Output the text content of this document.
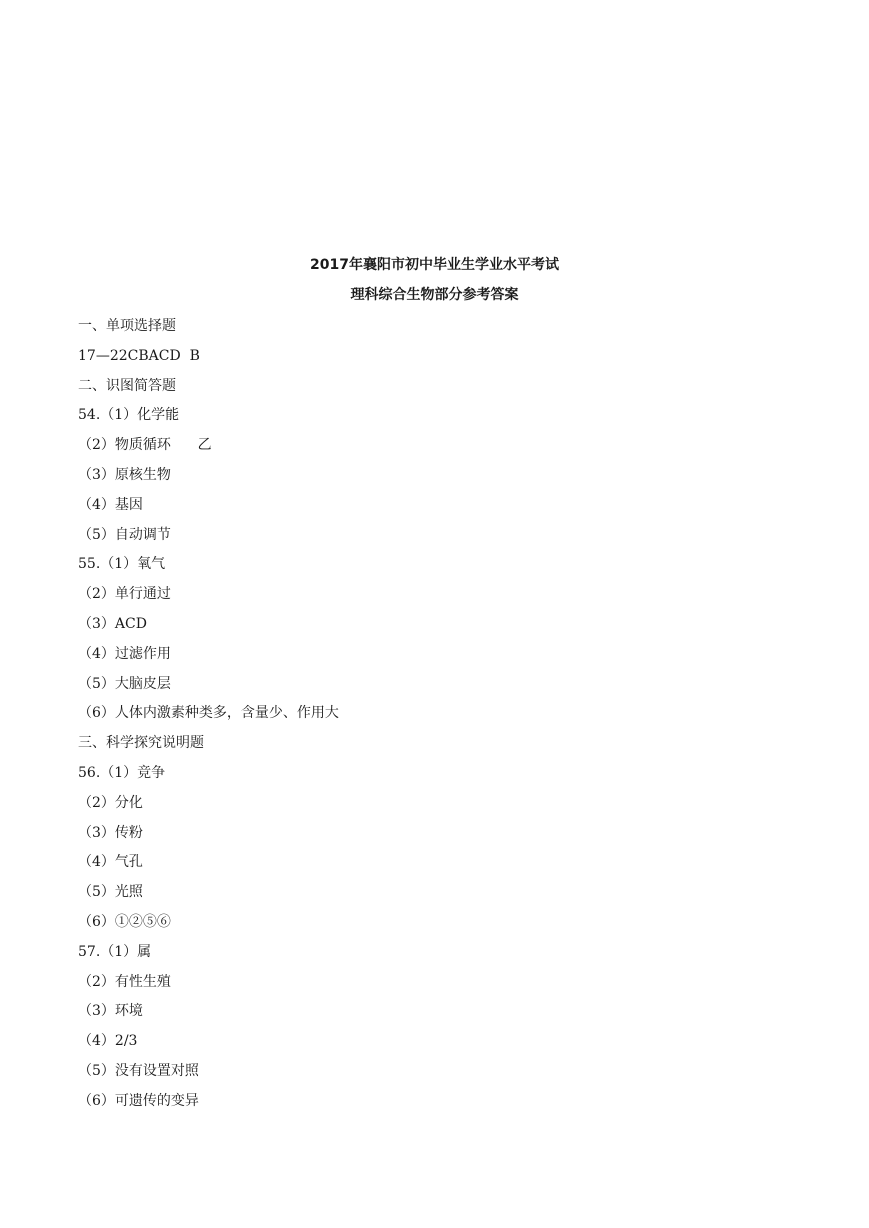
2017年襄阳市初中毕业生学业水平考试
理科综合生物部分参考答案
一、单项选择题
17—22CBACD  B
二、识图简答题
54.（1）化学能
（2）物质循环      乙
（3）原核生物
（4）基因
（5）自动调节
55.（1）氧气
（2）单行通过
（3）ACD
（4）过滤作用
（5）大脑皮层
（6）人体内激素种类多，含量少、作用大
三、科学探究说明题
56.（1）竞争
（2）分化
（3）传粉
（4）气孔
（5）光照
（6）①②⑤⑥
57.（1）属
（2）有性生殖
（3）环境
（4）2/3
（5）没有设置对照
（6）可遗传的变异
